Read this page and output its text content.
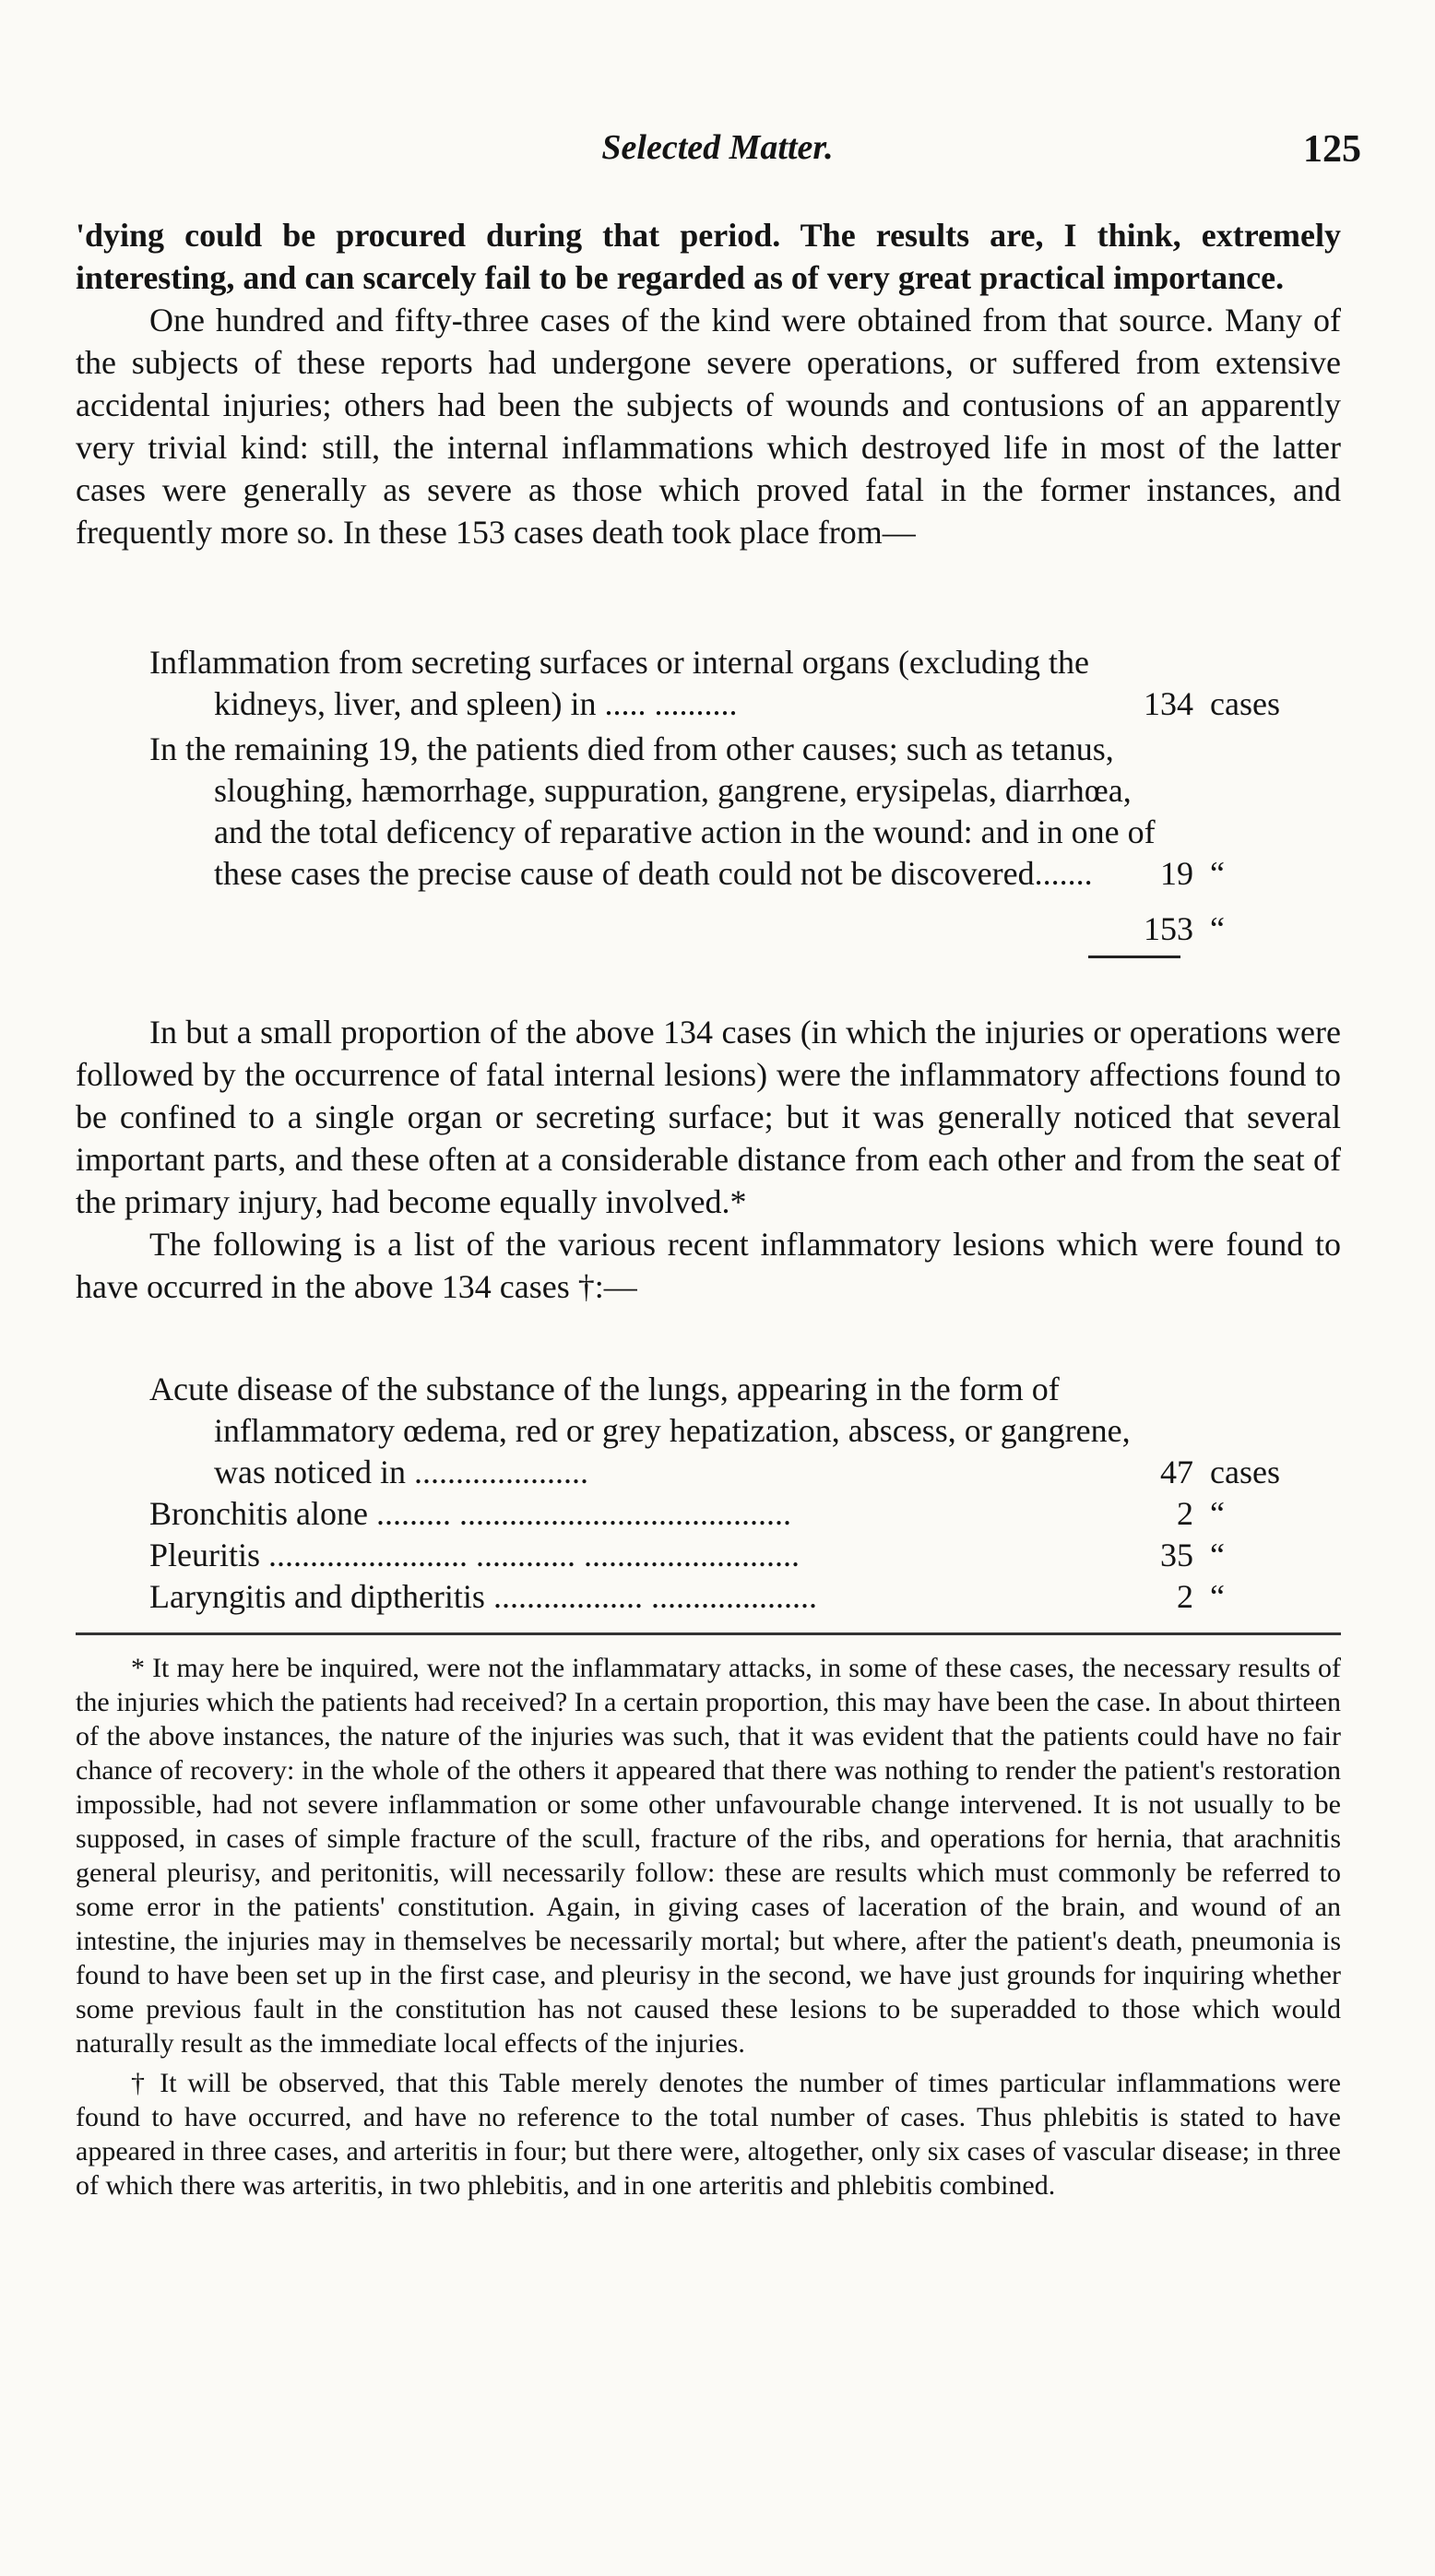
Selected Matter.	125

'dying could be procured during that period. The results are, I think, extremely interesting, and can scarcely fail to be regarded as of very great practical importance.

One hundred and fifty-three cases of the kind were obtained from that source. Many of the subjects of these reports had undergone severe operations, or suffered from extensive accidental injuries; others had been the subjects of wounds and contusions of an apparently very trivial kind: still, the internal inflammations which destroyed life in most of the latter cases were generally as severe as those which proved fatal in the former instances, and frequently more so. In these 153 cases death took place from—

Inflammation from secreting surfaces or internal organs (excluding the kidneys, liver, and spleen) in ..... ..........	134 cases
In the remaining 19, the patients died from other causes; such as tetanus, sloughing, hæmorrhage, suppuration, gangrene, erysipelas, diarrhœa, and the total deficency of reparative action in the wound: and in one of these cases the precise cause of death could not be discovered.......	19 “
153 “

In but a small proportion of the above 134 cases (in which the injuries or operations were followed by the occurrence of fatal internal lesions) were the inflammatory affections found to be confined to a single organ or secreting surface; but it was generally noticed that several important parts, and these often at a considerable distance from each other and from the seat of the primary injury, had become equally involved.*

The following is a list of the various recent inflammatory lesions which were found to have occurred in the above 134 cases †:—

Acute disease of the substance of the lungs, appearing in the form of inflammatory œdema, red or grey hepatization, abscess, or gangrene, was noticed in .....................	47 cases
Bronchitis alone ......... ........................................	2 “
Pleuritis ........................ ............ ..........................	35 “
Laryngitis and diptheritis .................. ....................	2 “

* It may here be inquired, were not the inflammatary attacks, in some of these cases, the necessary results of the injuries which the patients had received? In a certain proportion, this may have been the case. In about thirteen of the above instances, the nature of the injuries was such, that it was evident that the patients could have no fair chance of recovery: in the whole of the others it appeared that there was nothing to render the patient's restoration impossible, had not severe inflammation or some other unfavourable change intervened. It is not usually to be supposed, in cases of simple fracture of the scull, fracture of the ribs, and operations for hernia, that arachnitis general pleurisy, and peritonitis, will necessarily follow: these are results which must commonly be referred to some error in the patients' constitution. Again, in giving cases of laceration of the brain, and wound of an intestine, the injuries may in themselves be necessarily mortal; but where, after the patient's death, pneumonia is found to have been set up in the first case, and pleurisy in the second, we have just grounds for inquiring whether some previous fault in the constitution has not caused these lesions to be superadded to those which would naturally result as the immediate local effects of the injuries.

† It will be observed, that this Table merely denotes the number of times particular inflammations were found to have occurred, and have no reference to the total number of cases. Thus phlebitis is stated to have appeared in three cases, and arteritis in four; but there were, altogether, only six cases of vascular disease; in three of which there was arteritis, in two phlebitis, and in one arteritis and phlebitis combined.
